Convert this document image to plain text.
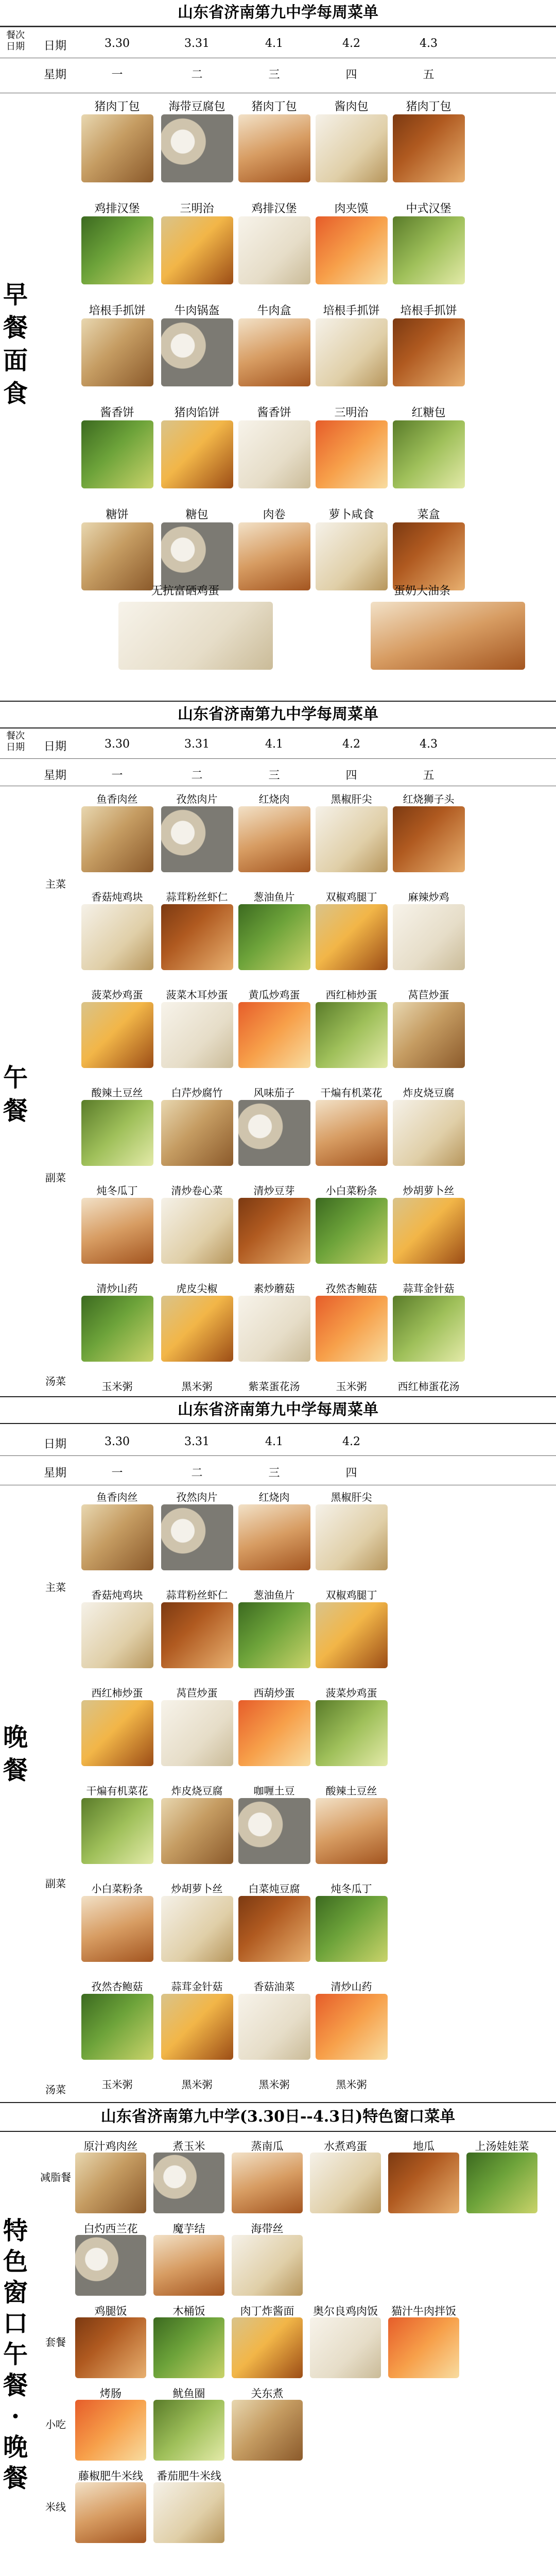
山东省济南第九中学每周菜单
餐次
日期	日期
星期
3.30	3.31	4.1	4.2	4.3
一	二	三	四	五
早
餐
面
食
猪肉丁包	海带豆腐包	猪肉丁包	酱肉包	猪肉丁包
鸡排汉堡	三明治	鸡排汉堡	肉夹馍	中式汉堡
培根手抓饼	牛肉锅盔	牛肉盒	培根手抓饼	培根手抓饼
酱香饼	猪肉馅饼	酱香饼	三明治	红糖包
糖饼	糖包	肉卷	萝卜咸食	菜盒
无抗富硒鸡蛋	蛋奶大油条
山东省济南第九中学每周菜单
餐次
日期	日期
星期
3.30	3.31	4.1	4.2	4.3
一	二	三	四	五
午
餐
主菜
副菜
汤菜
鱼香肉丝	孜然肉片	红烧肉	黑椒肝尖	红烧狮子头
香菇炖鸡块	蒜茸粉丝虾仁	葱油鱼片	双椒鸡腿丁	麻辣炒鸡
菠菜炒鸡蛋	菠菜木耳炒蛋	黄瓜炒鸡蛋	西红柿炒蛋	莴苣炒蛋
酸辣土豆丝	白芹炒腐竹	风味茄子	干煸有机菜花	炸皮烧豆腐
炖冬瓜丁	清炒卷心菜	清炒豆芽	小白菜粉条	炒胡萝卜丝
清炒山药	虎皮尖椒	素炒蘑菇	孜然杏鲍菇	蒜茸金针菇
玉米粥	黑米粥	紫菜蛋花汤	玉米粥	西红柿蛋花汤
山东省济南第九中学每周菜单
日期
星期
3.30	3.31	4.1	4.2
一	二	三	四
晚
餐
主菜
副菜
汤菜
鱼香肉丝	孜然肉片	红烧肉	黑椒肝尖
香菇炖鸡块	蒜茸粉丝虾仁	葱油鱼片	双椒鸡腿丁
西红柿炒蛋	莴苣炒蛋	西葫炒蛋	菠菜炒鸡蛋
干煸有机菜花	炸皮烧豆腐	咖喱土豆	酸辣土豆丝
小白菜粉条	炒胡萝卜丝	白菜炖豆腐	炖冬瓜丁
孜然杏鲍菇	蒜茸金针菇	香菇油菜	清炒山药
玉米粥	黑米粥	黑米粥	黑米粥
山东省济南第九中学(3.30日--4.3日)特色窗口菜单
特
色
窗
口
午
餐
·
晚
餐
减脂餐
原汁鸡肉丝	煮玉米	蒸南瓜	水煮鸡蛋	地瓜	上汤娃娃菜
白灼西兰花	魔芋结	海带丝
套餐
鸡腿饭	木桶饭	肉丁炸酱面	奥尔良鸡肉饭	猫汁牛肉拌饭
小吃
烤肠	鱿鱼圈	关东煮
米线
藤椒肥牛米线	番茄肥牛米线
